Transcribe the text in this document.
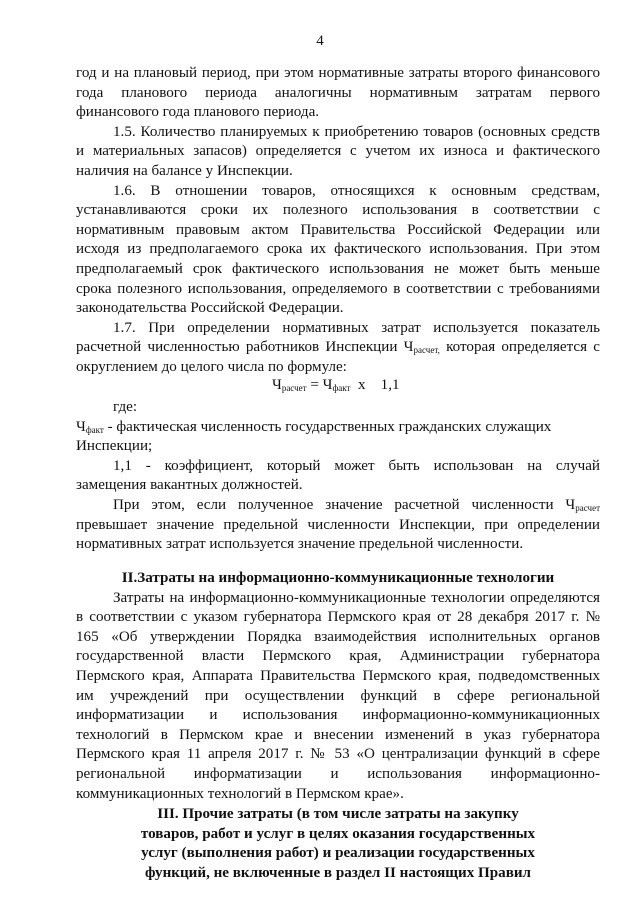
4
год и на плановый период, при этом нормативные затраты второго финансового
года планового периода аналогичны нормативным затратам первого
финансового года планового периода.
1.5. Количество планируемых к приобретению товаров (основных средств
и материальных запасов) определяется с учетом их износа и фактического
наличия на балансе у Инспекции.
1.6. В отношении товаров, относящихся к основным средствам,
устанавливаются сроки их полезного использования в соответствии с
нормативным правовым актом Правительства Российской Федерации или
исходя из предполагаемого срока их фактического использования. При этом
предполагаемый срок фактического использования не может быть меньше
срока полезного использования, определяемого в соответствии с требованиями
законодательства Российской Федерации.
1.7. При определении нормативных затрат используется показатель
расчетной численностью работников Инспекции $Ч_{расчет,}$ которая определяется с
округлением до целого числа по формуле:
$Ч_{расчет} = Ч_{факт}$  х    1,1
где:
$Ч_{факт}$ - фактическая численность государственных гражданских служащих
Инспекции;
1,1 - коэффициент, который может быть использован на случай
замещения вакантных должностей.
При этом, если полученное значение расчетной численности $Ч_{расчет}$
превышает значение предельной численности Инспекции, при определении
нормативных затрат используется значение предельной численности.
II.Затраты на информационно-коммуникационные технологии
Затраты на информационно-коммуникационные технологии определяются
в соответствии с указом губернатора Пермского края от 28 декабря 2017 г. №
165 «Об утверждении Порядка взаимодействия исполнительных органов
государственной власти Пермского края, Администрации губернатора
Пермского края, Аппарата Правительства Пермского края, подведомственных
им учреждений при осуществлении функций в сфере региональной
информатизации и использования информационно-коммуникационных
технологий в Пермском крае и внесении изменений в указ губернатора
Пермского края 11 апреля 2017 г. № 53 «О централизации функций в сфере
региональной информатизации и использования информационно-
коммуникационных технологий в Пермском крае».
III. Прочие затраты (в том числе затраты на закупку
товаров, работ и услуг в целях оказания государственных
услуг (выполнения работ) и реализации государственных
функций, не включенные в раздел II настоящих Правил
